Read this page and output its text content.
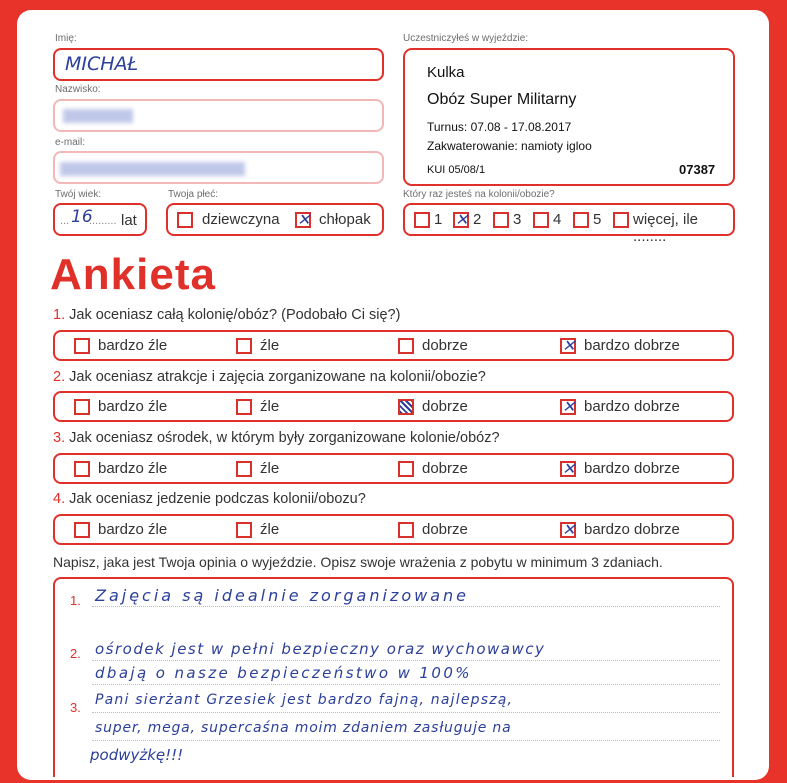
Imię:
MICHAŁ
Nazwisko:
e-mail:
Twój wiek:
... 16
......... lat
Twoja płeć:
dziewczyna ✕	chłopak
Uczestniczyłeś w wyjeździe:
Kulka
Obóz Super Militarny
Turnus: 07.08 - 17.08.2017
Zakwaterowanie: namioty igloo
KUI 05/08/1	07387
Który raz jesteś na kolonii/obozie?
1 ✕ 2 3 4 5 więcej, ile ........
Ankieta
1. Jak oceniasz całą kolonię/obóz? (Podobało Ci się?)
bardzo źle	źle	dobrze ✕	bardzo dobrze
2. Jak oceniasz atrakcje i zajęcia zorganizowane na kolonii/obozie?
bardzo źle	źle	dobrze ✕	bardzo dobrze
3. Jak oceniasz ośrodek, w którym były zorganizowane kolonie/obóz?
bardzo źle	źle	dobrze ✕	bardzo dobrze
4. Jak oceniasz jedzenie podczas kolonii/obozu?
bardzo źle	źle	dobrze ✕	bardzo dobrze
Napisz, jaka jest Twoja opinia o wyjeździe. Opisz swoje wrażenia z pobytu w minimum 3 zdaniach.
1.
2.
3.
Zajęcia są idealnie zorganizowane
ośrodek jest w pełni bezpieczny oraz wychowawcy
dbają o nasze bezpieczeństwo w 100%
Pani sierżant Grzesiek jest bardzo fajną, najlepszą,
super, mega, supercaśna moim zdaniem zasługuje na
podwyżkę!!!
